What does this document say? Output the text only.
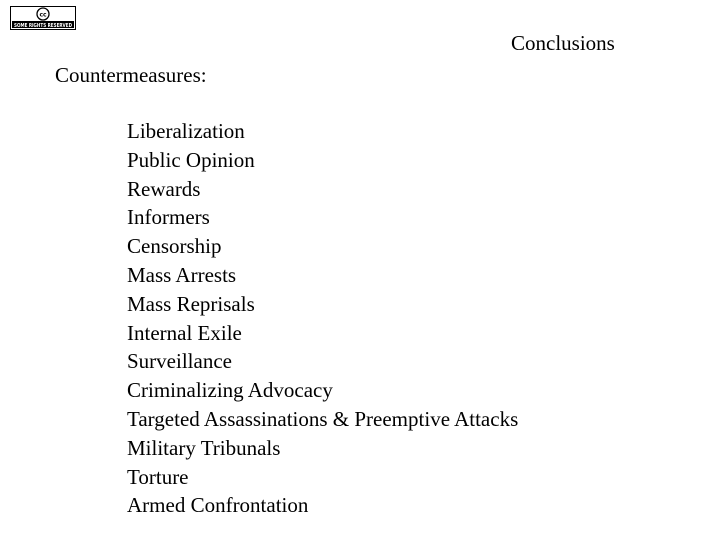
cc
SOME RIGHTS RESERVED
Conclusions
Countermeasures:
Liberalization
Public Opinion
Rewards
Informers
Censorship
Mass Arrests
Mass Reprisals
Internal Exile
Surveillance
Criminalizing Advocacy
Targeted Assassinations & Preemptive Attacks
Military Tribunals
Torture
Armed Confrontation
